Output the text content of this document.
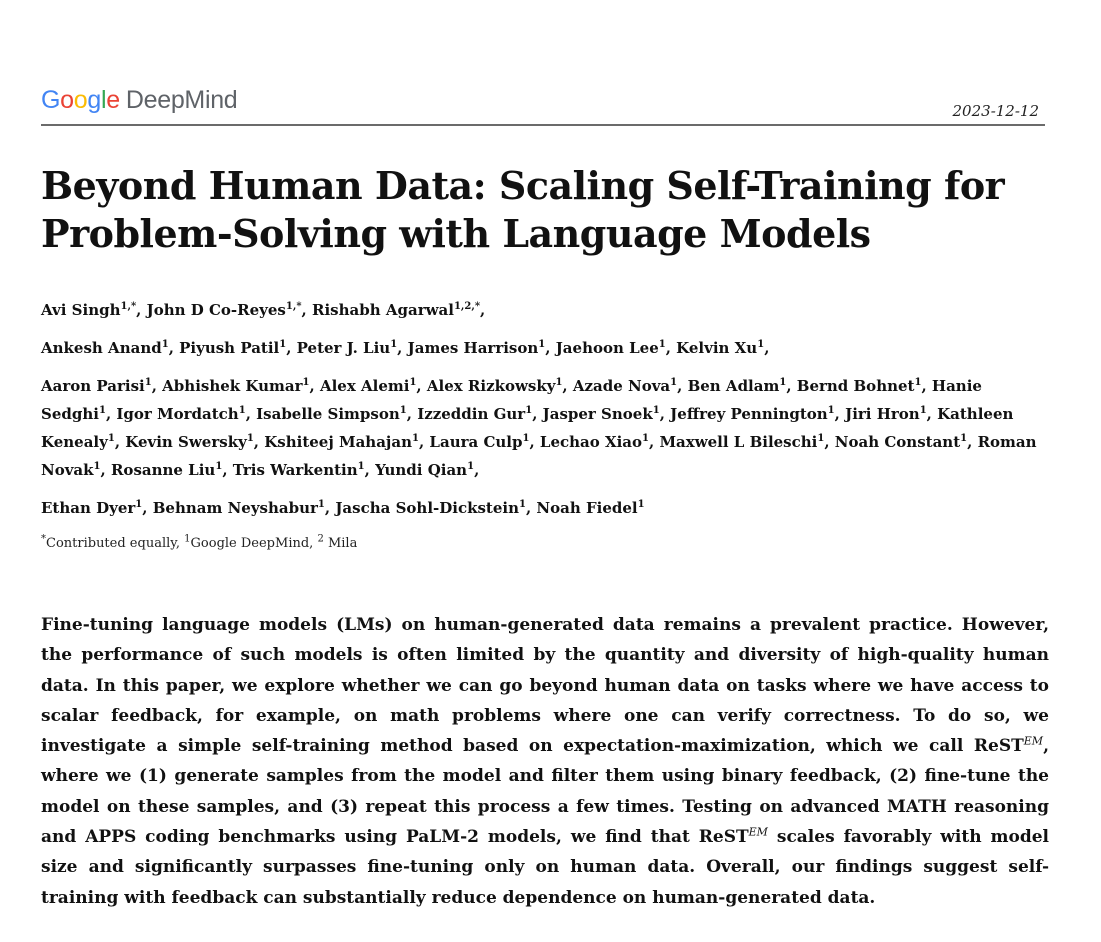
Google DeepMind	2023-12-12
Beyond Human Data: Scaling Self-Training for Problem-Solving with Language Models
Avi Singh$^{1,*}$, John D Co-Reyes$^{1,*}$, Rishabh Agarwal$^{1,2,*}$,
Ankesh Anand$^1$, Piyush Patil$^1$, Peter J. Liu$^1$, James Harrison$^1$, Jaehoon Lee$^1$, Kelvin Xu$^1$,
Aaron Parisi$^1$, Abhishek Kumar$^1$, Alex Alemi$^1$, Alex Rizkowsky$^1$, Azade Nova$^1$, Ben Adlam$^1$, Bernd Bohnet$^1$, Hanie Sedghi$^1$, Igor Mordatch$^1$, Isabelle Simpson$^1$, Izzeddin Gur$^1$, Jasper Snoek$^1$, Jeffrey Pennington$^1$, Jiri Hron$^1$, Kathleen Kenealy$^1$, Kevin Swersky$^1$, Kshiteej Mahajan$^1$, Laura Culp$^1$, Lechao Xiao$^1$, Maxwell L Bileschi$^1$, Noah Constant$^1$, Roman Novak$^1$, Rosanne Liu$^1$, Tris Warkentin$^1$, Yundi Qian$^1$,
Ethan Dyer$^1$, Behnam Neyshabur$^1$, Jascha Sohl-Dickstein$^1$, Noah Fiedel$^1$
*Contributed equally, $^1$Google DeepMind, $^2$ Mila

Fine-tuning language models (LMs) on human-generated data remains a prevalent practice. However, the performance of such models is often limited by the quantity and diversity of high-quality human data. In this paper, we explore whether we can go beyond human data on tasks where we have access to scalar feedback, for example, on math problems where one can verify correctness. To do so, we investigate a simple self-training method based on expectation-maximization, which we call ReST$^{EM}$, where we (1) generate samples from the model and filter them using binary feedback, (2) fine-tune the model on these samples, and (3) repeat this process a few times. Testing on advanced MATH reasoning and APPS coding benchmarks using PaLM-2 models, we find that ReST$^{EM}$ scales favorably with model size and significantly surpasses fine-tuning only on human data. Overall, our findings suggest self-training with feedback can substantially reduce dependence on human-generated data.
